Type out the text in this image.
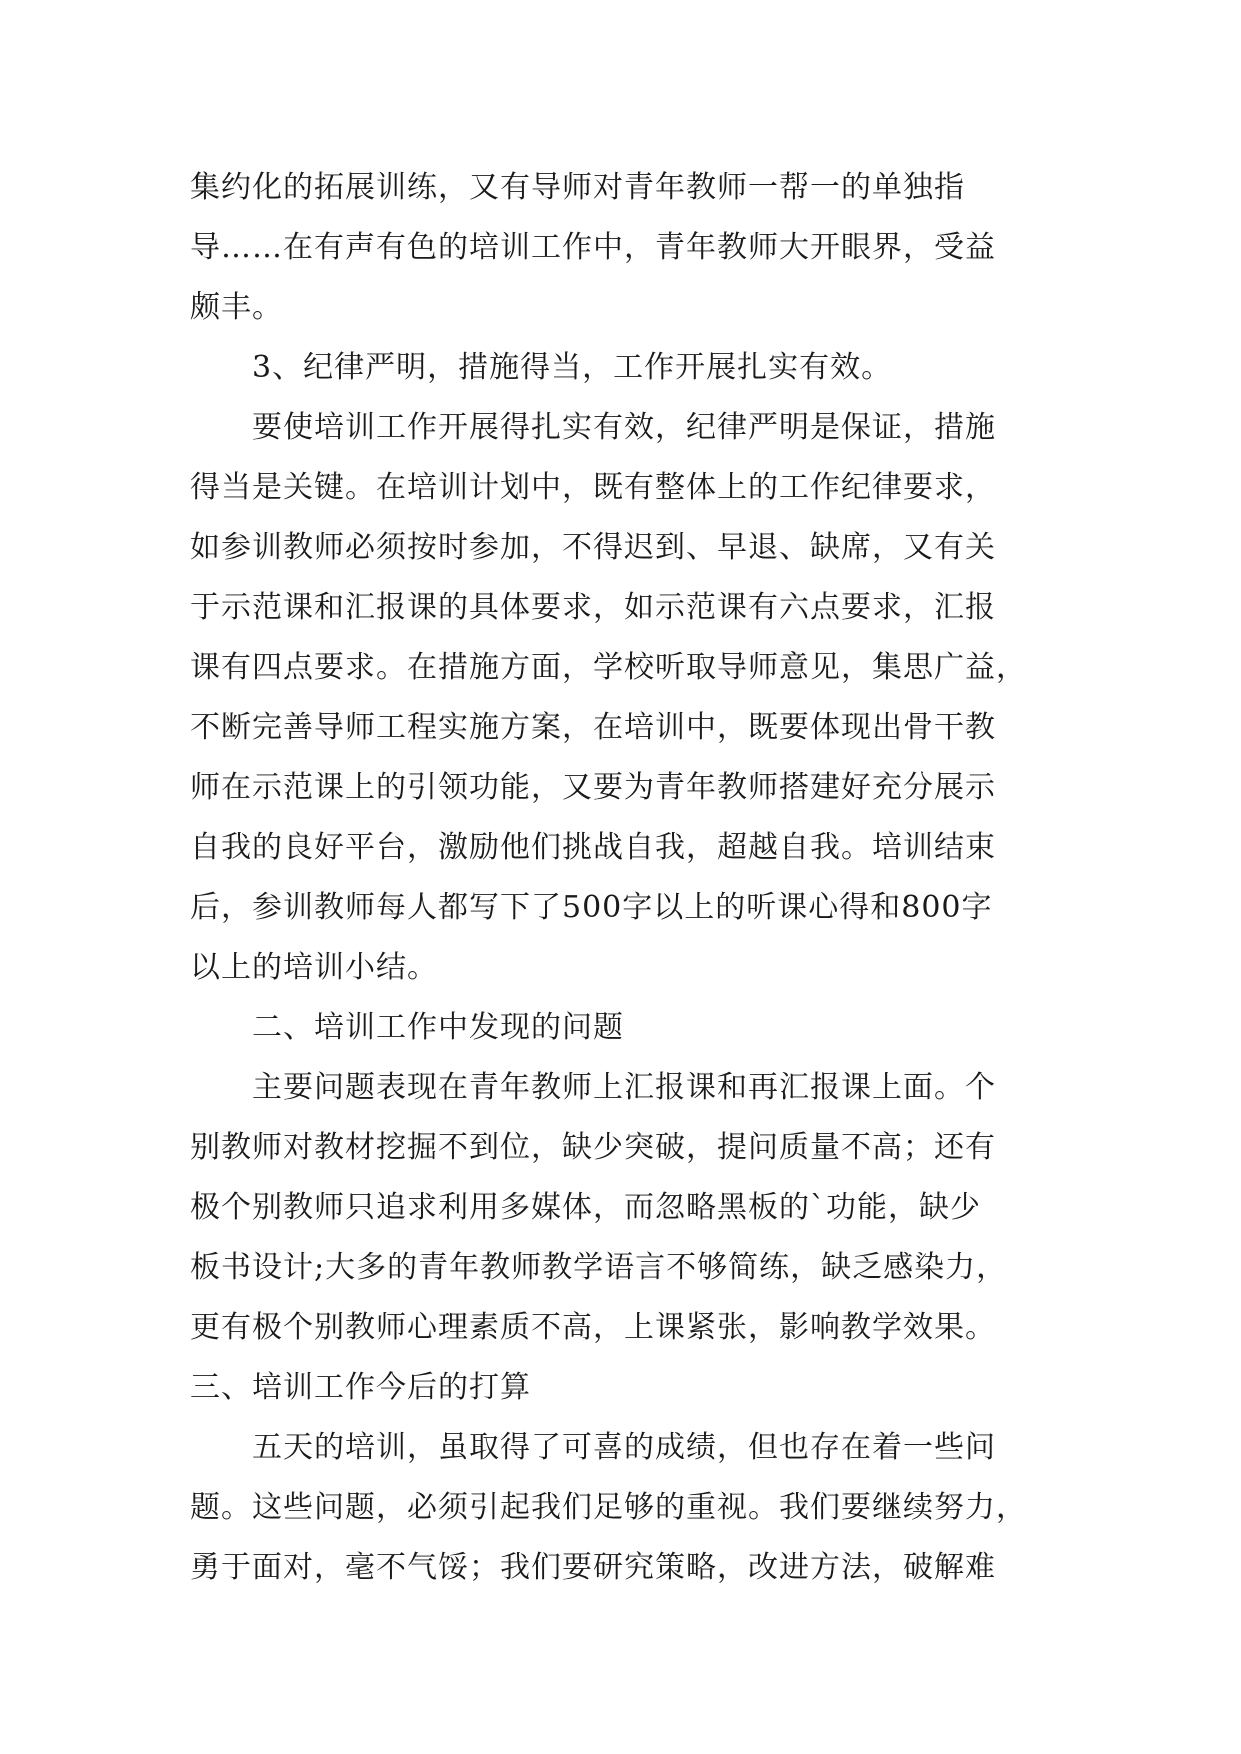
集约化的拓展训练，又有导师对青年教师一帮一的单独指
导……在有声有色的培训工作中，青年教师大开眼界，受益
颇丰。
3、纪律严明，措施得当，工作开展扎实有效。
要使培训工作开展得扎实有效，纪律严明是保证，措施
得当是关键。在培训计划中，既有整体上的工作纪律要求，
如参训教师必须按时参加，不得迟到、早退、缺席，又有关
于示范课和汇报课的具体要求，如示范课有六点要求，汇报
课有四点要求。在措施方面，学校听取导师意见，集思广益，
不断完善导师工程实施方案，在培训中，既要体现出骨干教
师在示范课上的引领功能，又要为青年教师搭建好充分展示
自我的良好平台，激励他们挑战自我，超越自我。培训结束
后，参训教师每人都写下了500字以上的听课心得和800字
以上的培训小结。
二、培训工作中发现的问题
主要问题表现在青年教师上汇报课和再汇报课上面。个
别教师对教材挖掘不到位，缺少突破，提问质量不高；还有
极个别教师只追求利用多媒体，而忽略黑板的`功能，缺少
板书设计;大多的青年教师教学语言不够简练，缺乏感染力，
更有极个别教师心理素质不高，上课紧张，影响教学效果。
三、培训工作今后的打算
五天的培训，虽取得了可喜的成绩，但也存在着一些问
题。这些问题，必须引起我们足够的重视。我们要继续努力，
勇于面对，毫不气馁；我们要研究策略，改进方法，破解难
